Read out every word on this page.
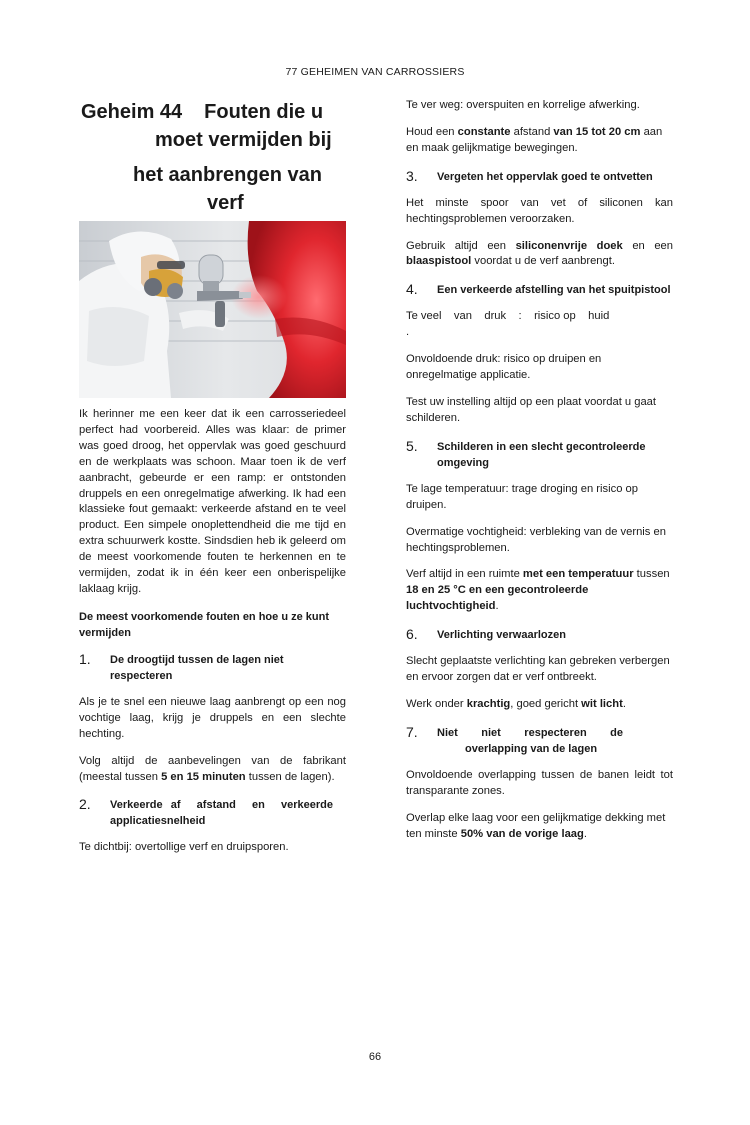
77 GEHEIMEN VAN CARROSSIERS
Geheim 44 Fouten die u
moet vermijden bij
het aanbrengen van
verf

Ik herinner me een keer dat ik een carrosseriedeel perfect had voorbereid. Alles was klaar: de primer was goed droog, het oppervlak was goed geschuurd en de werkplaats was schoon. Maar toen ik de verf aanbracht, gebeurde er een ramp: er ontstonden druppels en een onregelmatige afwerking. Ik had een klassieke fout gemaakt: verkeerde afstand en te veel product. Een simpele onoplettendheid die me tijd en extra schuurwerk kostte. Sindsdien heb ik geleerd om de meest voorkomende fouten te herkennen en te vermijden, zodat ik in één keer een onberispelijke laklaag krijg.

De meest voorkomende fouten en hoe u ze kunt vermijden
1.	De droogtijd tussen de lagen niet respecteren

Als je te snel een nieuwe laag aanbrengt op een nog vochtige laag, krijg je druppels en een slechte hechting.

Volg altijd de aanbevelingen van de fabrikant (meestal tussen 5 en 15 minuten tussen de lagen).

2.	Verkeerde af  afstand  en  verkeerde
applicatiesnelheid

Te dichtbij: overtollige verf en druipsporen.

Te ver weg: overspuiten en korrelige afwerking.

Houd een constante afstand van 15 tot 20 cm aan en maak gelijkmatige bewegingen.

3.	Vergeten het oppervlak goed te ontvetten

Het minste spoor van vet of siliconen kan hechtingsproblemen veroorzaken.

Gebruik altijd een siliconenvrije doek en een blaaspistool voordat u de verf aanbrengt.

4.	Een verkeerde afstelling van het spuitpistool

Te veel    van    druk    :    risico op    huid
.

Onvoldoende druk: risico op druipen en onregelmatige applicatie.

Test uw instelling altijd op een plaat voordat u gaat schilderen.

5.	Schilderen in een slecht gecontroleerde omgeving

Te lage temperatuur: trage droging en risico op druipen.

Overmatige vochtigheid: verbleking van de vernis en hechtingsproblemen.

Verf altijd in een ruimte met een temperatuur tussen 18 en 25 °C en een gecontroleerde luchtvochtigheid.

6.	Verlichting verwaarlozen

Slecht geplaatste verlichting kan gebreken verbergen en ervoor zorgen dat er verf ontbreekt.

Werk onder krachtig, goed gericht wit licht.

7.	Niet      niet      respecteren      de
overlapping van de lagen

Onvoldoende overlapping tussen de banen leidt tot transparante zones.

Overlap elke laag voor een gelijkmatige dekking met ten minste 50% van de vorige laag.

66
